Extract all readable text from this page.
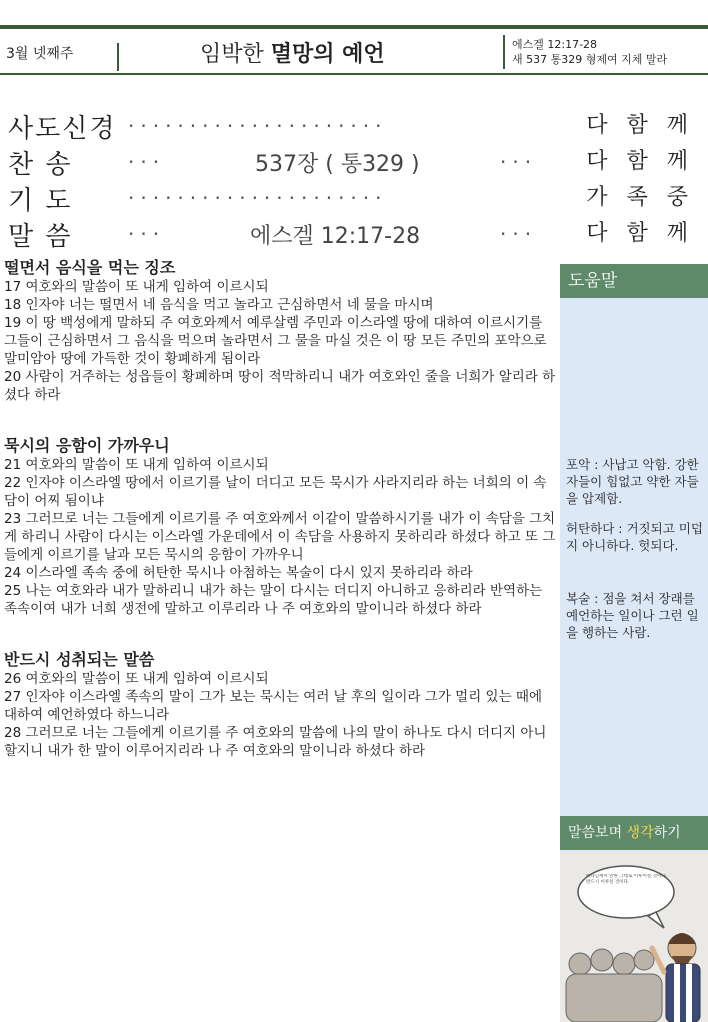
3월 넷째주	임박한 멸망의 예언	에스겔 12:17-28
새 537 통329 형제여 지체 말라
사도신경 ·····················	다 함 께
찬 송	···	537장 ( 통329 )	··· 다 함 께
기 도	·····················	가 족 중
말 씀	···	에스겔 12:17-28	··· 다 함 께
떨면서 음식을 먹는 징조

17 여호와의 말씀이 또 내게 임하여 이르시되

18 인자야 너는 떨면서 네 음식을 먹고 놀라고 근심하면서 네 물을 마시며

19 이 땅 백성에게 말하되 주 여호와께서 예루살렘 주민과 이스라엘 땅에 대하여 이르시기를 그들이 근심하면서 그 음식을 먹으며 놀라면서 그 물을 마실 것은 이 땅 모든 주민의 포악으로 말미암아 땅에 가득한 것이 황폐하게 됨이라

20 사람이 거주하는 성읍들이 황폐하며 땅이 적막하리니 내가 여호와인 줄을 너희가 알리라 하셨다 하라

묵시의 응함이 가까우니

21 여호와의 말씀이 또 내게 임하여 이르시되

22 인자야 이스라엘 땅에서 이르기를 날이 더디고 모든 묵시가 사라지리라 하는 너희의 이 속담이 어찌 됨이냐

23 그러므로 너는 그들에게 이르기를 주 여호와께서 이같이 말씀하시기를 내가 이 속담을 그치게 하리니 사람이 다시는 이스라엘 가운데에서 이 속담을 사용하지 못하리라 하셨다 하고 또 그들에게 이르기를 날과 모든 묵시의 응함이 가까우니

24 이스라엘 족속 중에 허탄한 묵시나 아첨하는 복술이 다시 있지 못하리라 하라

25 나는 여호와라 내가 말하리니 내가 하는 말이 다시는 더디지 아니하고 응하리라 반역하는 족속이여 내가 너희 생전에 말하고 이루리라 나 주 여호와의 말이니라 하셨다 하라

반드시 성취되는 말씀

26 여호와의 말씀이 또 내게 임하여 이르시되

27 인자야 이스라엘 족속의 말이 그가 보는 묵시는 여러 날 후의 일이라 그가 멀리 있는 때에 대하여 예언하였다 하느니라

28 그러므로 너는 그들에게 이르기를 주 여호와의 말씀에 나의 말이 하나도 다시 더디지 아니할지니 내가 한 말이 이루어지리라 나 주 여호와의 말이니라 하셨다 하라

도움말
포악 : 사납고 악함. 강한 자들이 힘없고 약한 자들을 압제함.
허탄하다 : 거짓되고 미덥지 아니하다. 헛되다.
복술 : 점을 쳐서 장래를 예언하는 일이나 그런 일을 행하는 사람.
말씀보며 생각하기
하나님께서 말한 그대로 이루어질 것이다. 반드시 이루실 것이다.
